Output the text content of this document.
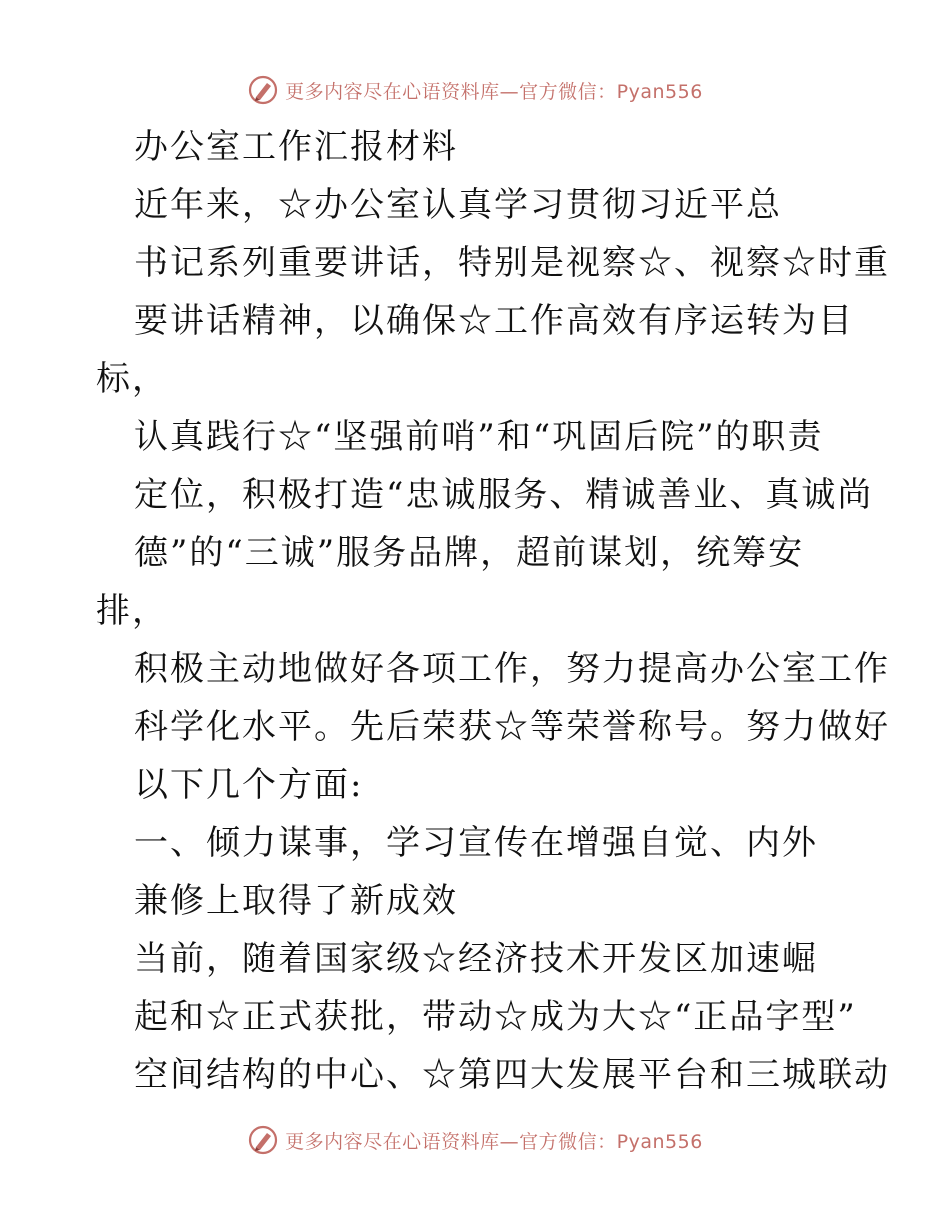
更多内容尽在心语资料库—官方微信：Pyan556
办公室工作汇报材料
近年来，☆办公室认真学习贯彻习近平总
书记系列重要讲话，特别是视察☆、视察☆时重
要讲话精神，以确保☆工作高效有序运转为目
标，
认真践行☆“坚强前哨”和“巩固后院”的职责
定位，积极打造“忠诚服务、精诚善业、真诚尚
德”的“三诚”服务品牌，超前谋划，统筹安
排，
积极主动地做好各项工作，努力提高办公室工作
科学化水平。先后荣获☆等荣誉称号。努力做好
以下几个方面:
一、倾力谋事，学习宣传在增强自觉、内外
兼修上取得了新成效
当前，随着国家级☆经济技术开发区加速崛
起和☆正式获批，带动☆成为大☆“正品字型”
空间结构的中心、☆第四大发展平台和三城联动
更多内容尽在心语资料库—官方微信：Pyan556
